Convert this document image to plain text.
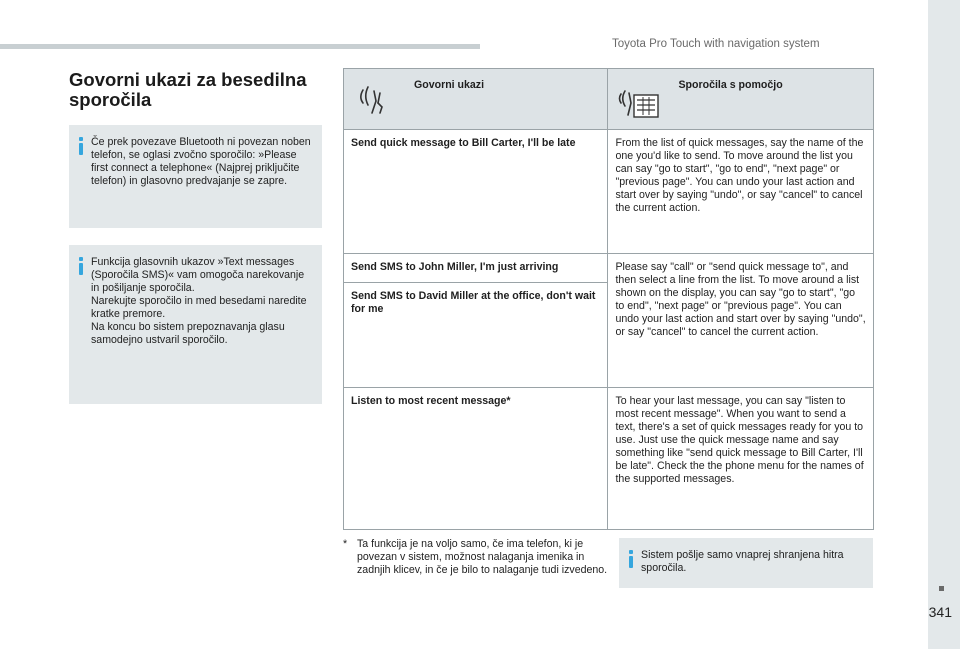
Toyota Pro Touch with navigation system
341
Govorni ukazi za besedilna sporočila
Če prek povezave Bluetooth ni povezan noben telefon, se oglasi zvočno sporočilo: »Please first connect a telephone« (Najprej priključite telefon) in glasovno predvajanje se zapre.
Funkcija glasovnih ukazov »Text messages (Sporočila SMS)« vam omogoča narekovanje in pošiljanje sporočila.
Narekujte sporočilo in med besedami naredite kratke premore.
Na koncu bo sistem prepoznavanja glasu samodejno ustvaril sporočilo.
Govorni ukazi	Sporočila s pomočjo

Send quick message to Bill Carter, I'll be late	From the list of quick messages, say the name of the one you'd like to send. To move around the list you can say "go to start", "go to end", "next page" or "previous page". You can undo your last action and start over by saying "undo", or say "cancel" to cancel the current action.
Send SMS to John Miller, I'm just arriving	Please say "call" or "send quick message to", and then select a line from the list. To move around a list shown on the display, you can say "go to start", "go to end", "next page" or "previous page". You can undo your last action and start over by saying "undo", or say "cancel" to cancel the current action.
Send SMS to David Miller at the office, don't wait for me	
Listen to most recent message*	To hear your last message, you can say "listen to most recent message". When you want to send a text, there's a set of quick messages ready for you to use. Just use the quick message name and say something like "send quick message to Bill Carter, I'll be late". Check the the phone menu for the names of the supported messages.
* Ta funkcija je na voljo samo, če ima telefon, ki je povezan v sistem, možnost nalaganja imenika in zadnjih klicev, in če je bilo to nalaganje tudi izvedeno.
Sistem pošlje samo vnaprej shranjena hitra sporočila.
